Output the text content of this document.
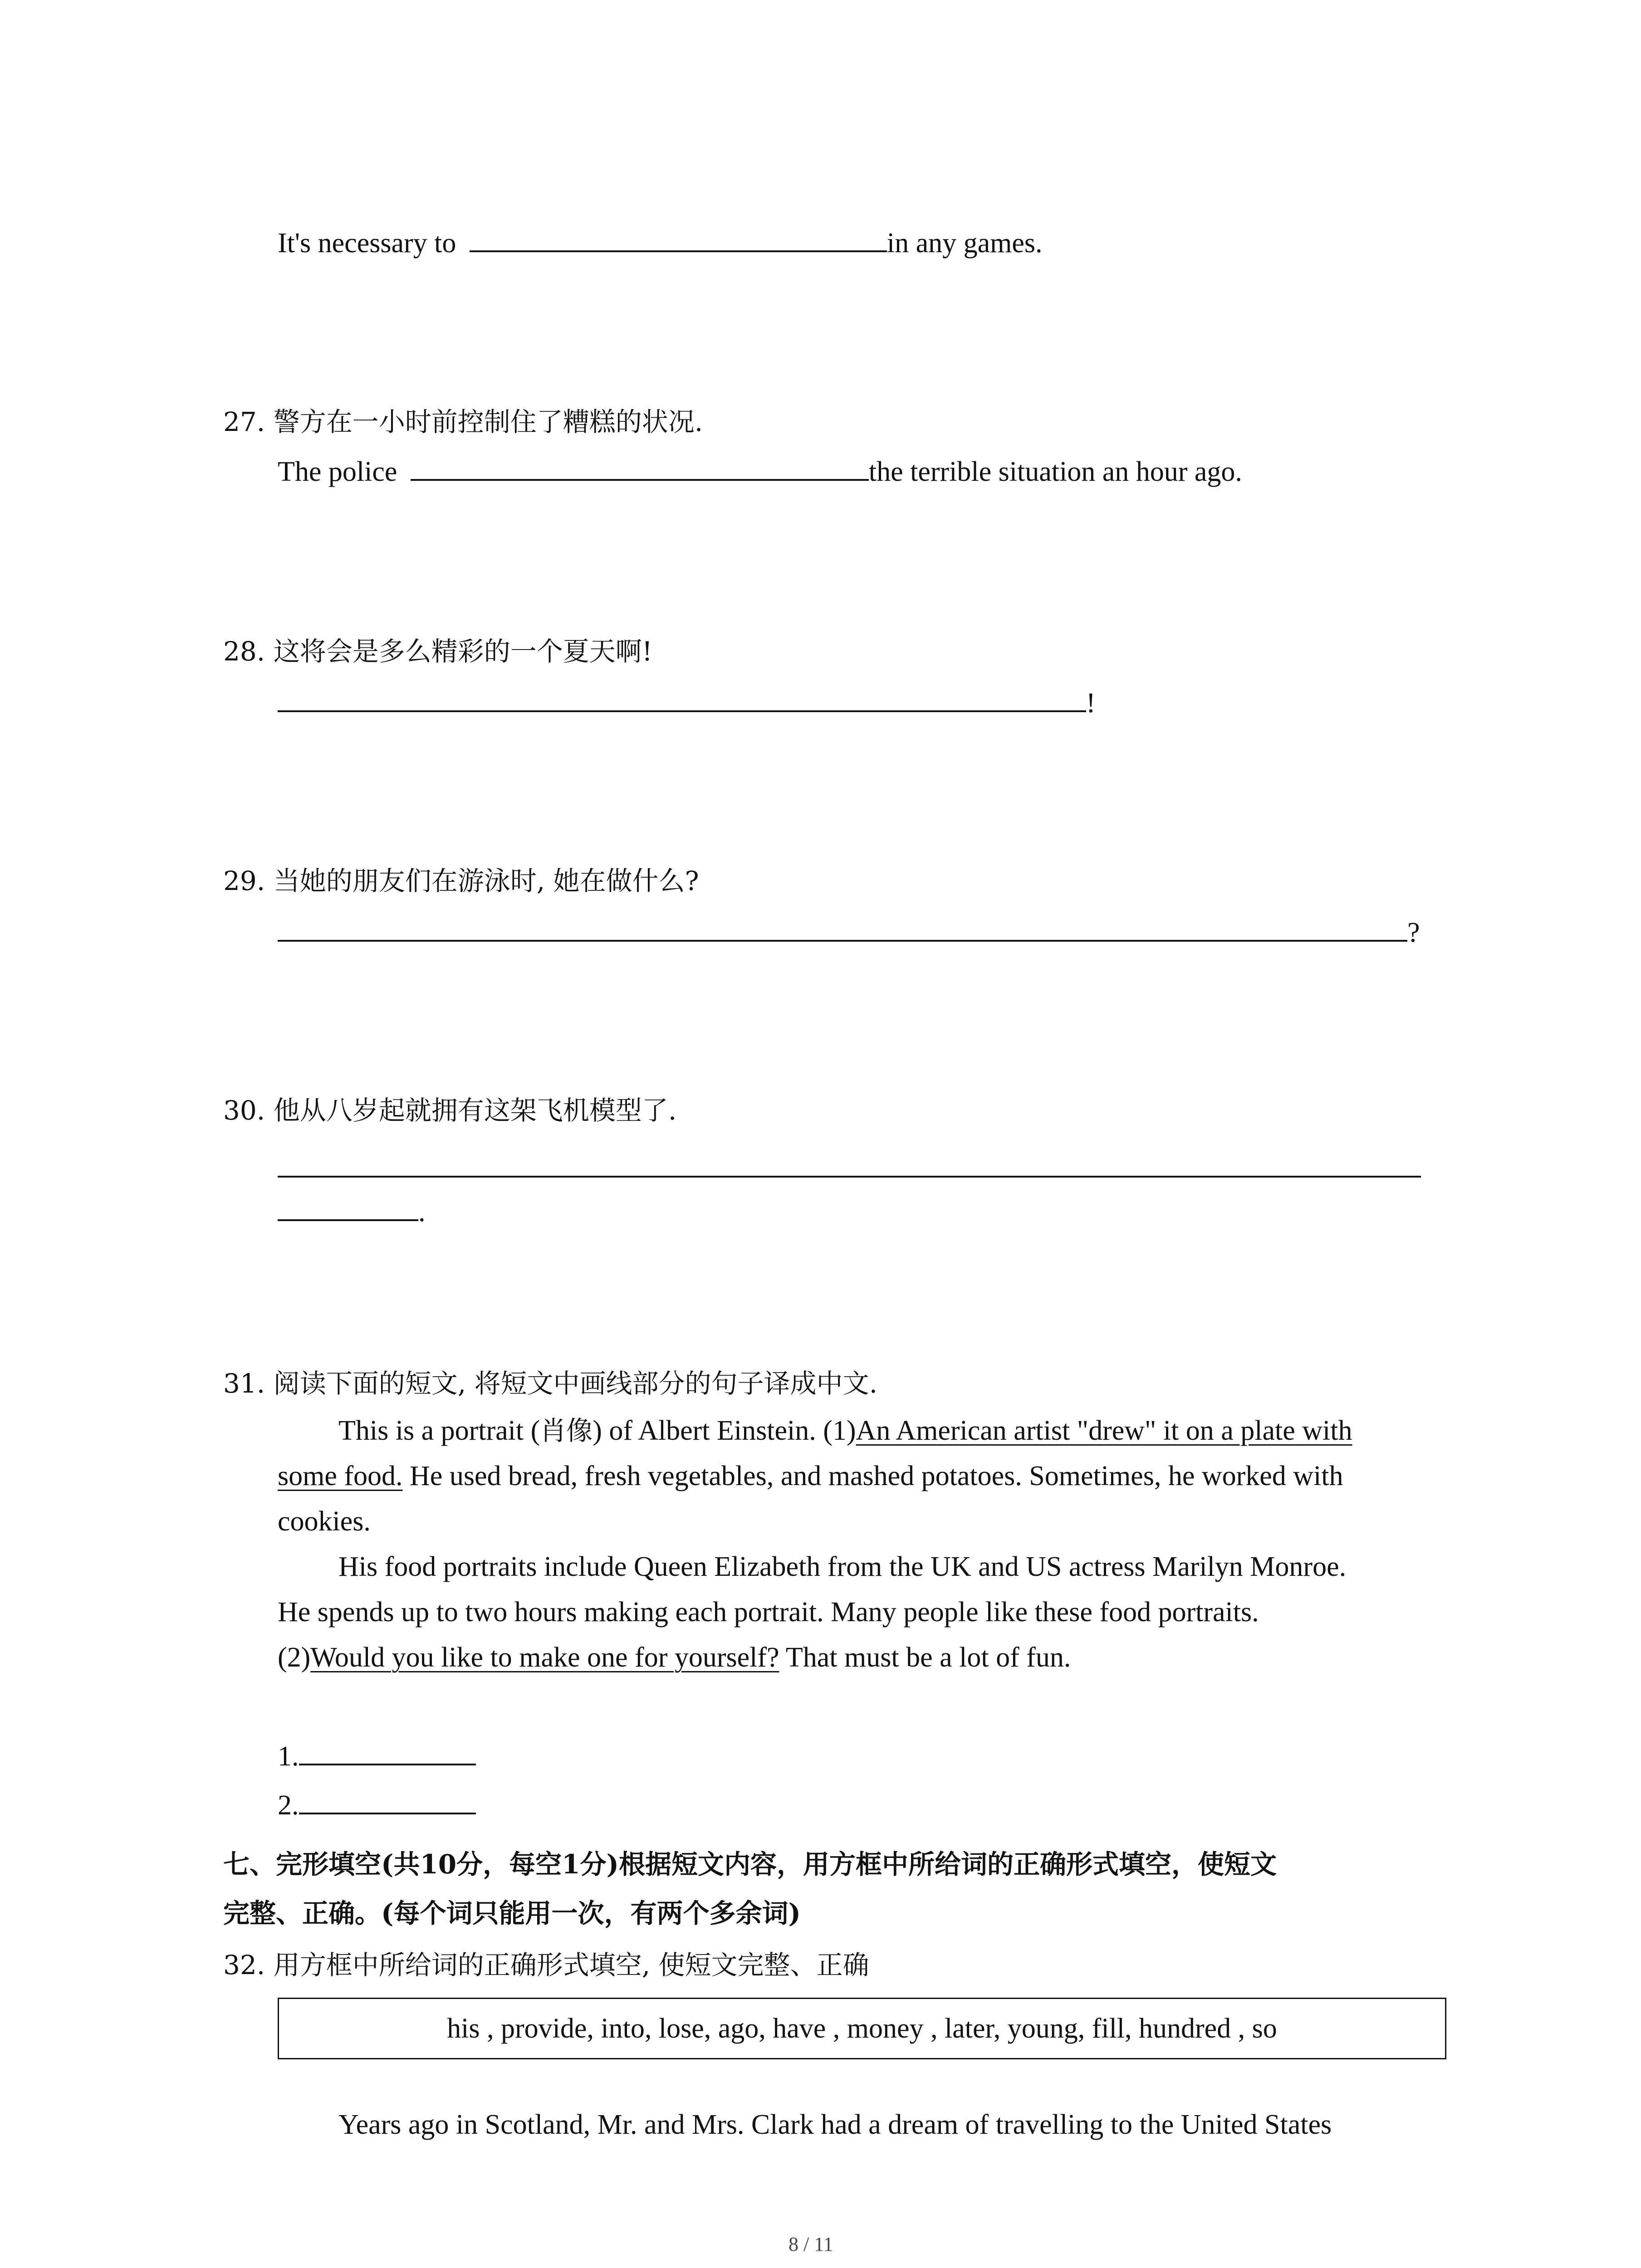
It's necessary to	in any games.
27. 警方在一小时前控制住了糟糕的状况.
The police	the terrible situation an hour ago.
28. 这将会是多么精彩的一个夏天啊!
!
29. 当她的朋友们在游泳时, 她在做什么?
?
30. 他从八岁起就拥有这架飞机模型了.
.
31. 阅读下面的短文, 将短文中画线部分的句子译成中文.
This is a portrait (肖像) of Albert Einstein. (1)An American artist "drew" it on a plate with
some food. He used bread, fresh vegetables, and mashed potatoes. Sometimes, he worked with
cookies.
His food portraits include Queen Elizabeth from the UK and US actress Marilyn Monroe.
He spends up to two hours making each portrait. Many people like these food portraits.
(2)Would you like to make one for yourself? That must be a lot of fun.
1.
2.
七、完形填空(共10分，每空1分)根据短文内容，用方框中所给词的正确形式填空，使短文
完整、正确。(每个词只能用一次，有两个多余词)
32. 用方框中所给词的正确形式填空, 使短文完整、正确
his , provide, into, lose, ago, have , money , later, young, fill, hundred , so
Years ago in Scotland, Mr. and Mrs. Clark had a dream of travelling to the United States
8 / 11
